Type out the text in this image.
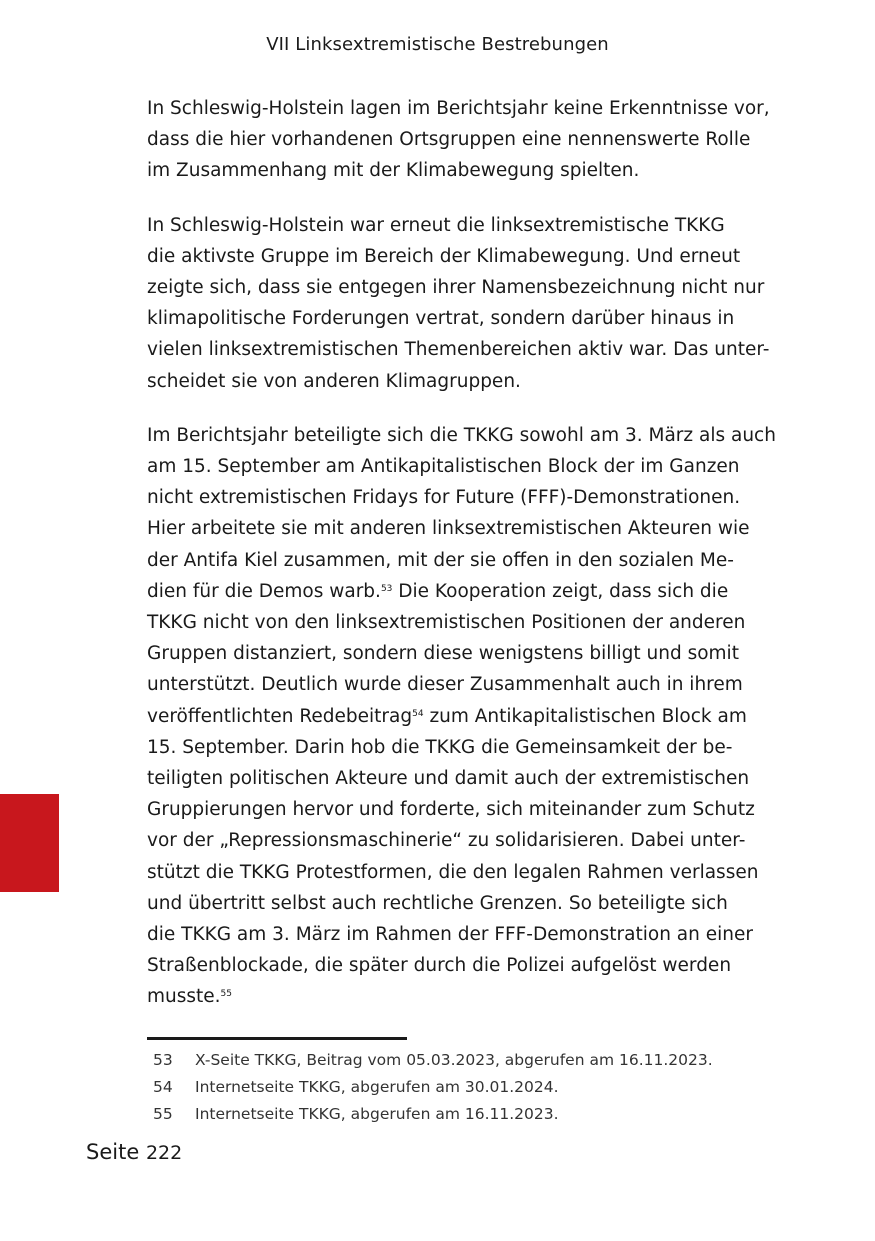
VII Linksextremistische Bestrebungen

In Schleswig-Holstein lagen im Berichtsjahr keine Erkenntnisse vor,
dass die hier vorhandenen Ortsgruppen eine nennenswerte Rolle
im Zusammenhang mit der Klimabewegung spielten.

In Schleswig-Holstein war erneut die linksextremistische TKKG
die aktivste Gruppe im Bereich der Klimabewegung. Und erneut
zeigte sich, dass sie entgegen ihrer Namensbezeichnung nicht nur
klimapolitische Forderungen vertrat, sondern darüber hinaus in
vielen linksextremistischen Themenbereichen aktiv war. Das unter-
scheidet sie von anderen Klimagruppen.

Im Berichtsjahr beteiligte sich die TKKG sowohl am 3. März als auch
am 15. September am Antikapitalistischen Block der im Ganzen
nicht extremistischen Fridays for Future (FFF)-Demonstrationen.
Hier arbeitete sie mit anderen linksextremistischen Akteuren wie
der Antifa Kiel zusammen, mit der sie offen in den sozialen Me-
dien für die Demos warb.$^{53}$ Die Kooperation zeigt, dass sich die
TKKG nicht von den linksextremistischen Positionen der anderen
Gruppen distanziert, sondern diese wenigstens billigt und somit
unterstützt. Deutlich wurde dieser Zusammenhalt auch in ihrem
veröffentlichten Redebeitrag$^{54}$ zum Antikapitalistischen Block am
15. September. Darin hob die TKKG die Gemeinsamkeit der be-
teiligten politischen Akteure und damit auch der extremistischen
Gruppierungen hervor und forderte, sich miteinander zum Schutz
vor der „Repressionsmaschinerie“ zu solidarisieren. Dabei unter-
stützt die TKKG Protestformen, die den legalen Rahmen verlassen
und übertritt selbst auch rechtliche Grenzen. So beteiligte sich
die TKKG am 3. März im Rahmen der FFF-Demonstration an einer
Straßenblockade, die später durch die Polizei aufgelöst werden
musste.$^{55}$

53	X-Seite TKKG, Beitrag vom 05.03.2023, abgerufen am 16.11.2023.
54	Internetseite TKKG, abgerufen am 30.01.2024.
55	Internetseite TKKG, abgerufen am 16.11.2023.
Seite 222
